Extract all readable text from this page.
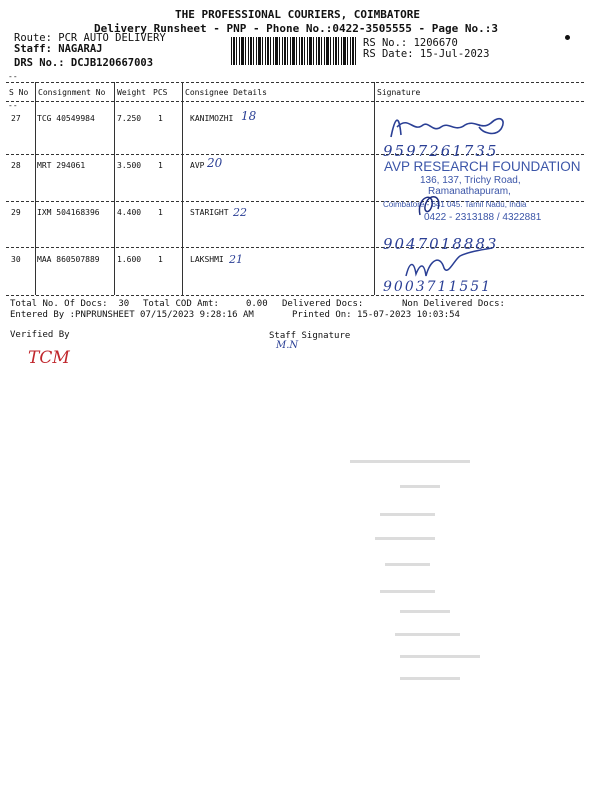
THE PROFESSIONAL COURIERS, COIMBATORE
Delivery Runsheet - PNP - Phone No.:0422-3505555 - Page No.:3
Route: PCR AUTO DELIVERY
Staff: NAGARAJ
DRS No.: DCJB120667003
RS No.: 1206670
RS Date: 15-Jul-2023
--
--
S No Consignment No Weight PCS Consignee Details	Signature
27 TCG 40549984	7.250 1	KANIMOZHI 18
28 MRT 294061	3.500 1	AVP 20
29 IXM 504168396 4.400 1	STARIGHT 22
30 MAA 860507889 1.600 1	LAKSHMI 21
9597261735
AVP RESEARCH FOUNDATION
136, 137, Trichy Road,
Ramanathapuram,
Coimbatore - 641 045. Tamil Nadu, India
0422 - 2313188 / 4322881
9047018883
9003711551
Total No. Of Docs:  30 Total COD Amt:     0.00 Delivered Docs:	Non Delivered Docs:
Entered By :PNPRUNSHEET 07/15/2023 9:28:16 AM	Printed On: 15-07-2023 10:03:54
Verified By	Staff Signature
M.N
TCM
